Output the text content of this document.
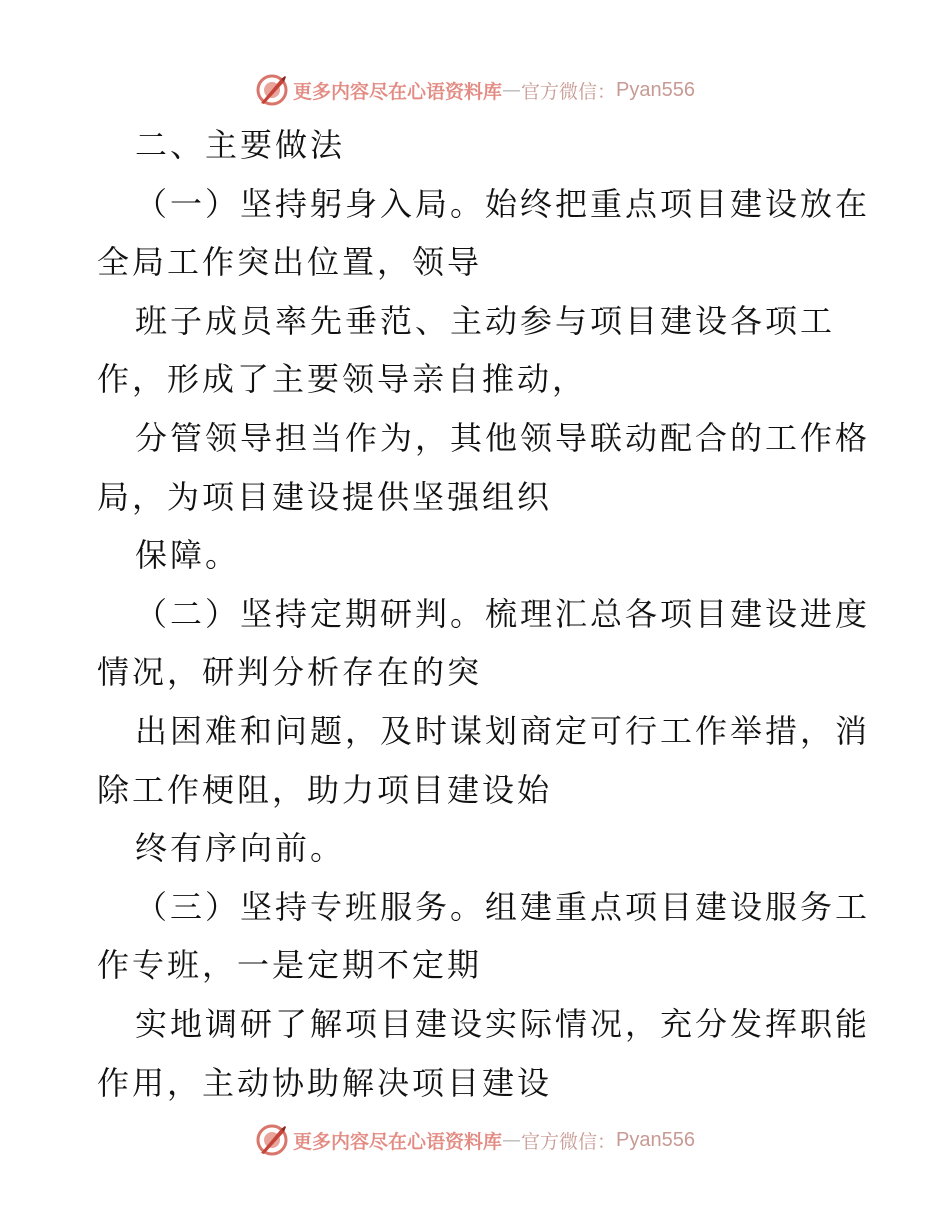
更多内容尽在心语资料库 — 官方微信： Pyan556
二、主要做法
（一）坚持躬身入局。始终把重点项目建设放在
全局工作突出位置，领导
班子成员率先垂范、主动参与项目建设各项工
作，形成了主要领导亲自推动，
分管领导担当作为，其他领导联动配合的工作格
局，为项目建设提供坚强组织
保障。
（二）坚持定期研判。梳理汇总各项目建设进度
情况，研判分析存在的突
出困难和问题，及时谋划商定可行工作举措，消
除工作梗阻，助力项目建设始
终有序向前。
（三）坚持专班服务。组建重点项目建设服务工
作专班，一是定期不定期
实地调研了解项目建设实际情况，充分发挥职能
作用，主动协助解决项目建设
更多内容尽在心语资料库 — 官方微信： Pyan556
